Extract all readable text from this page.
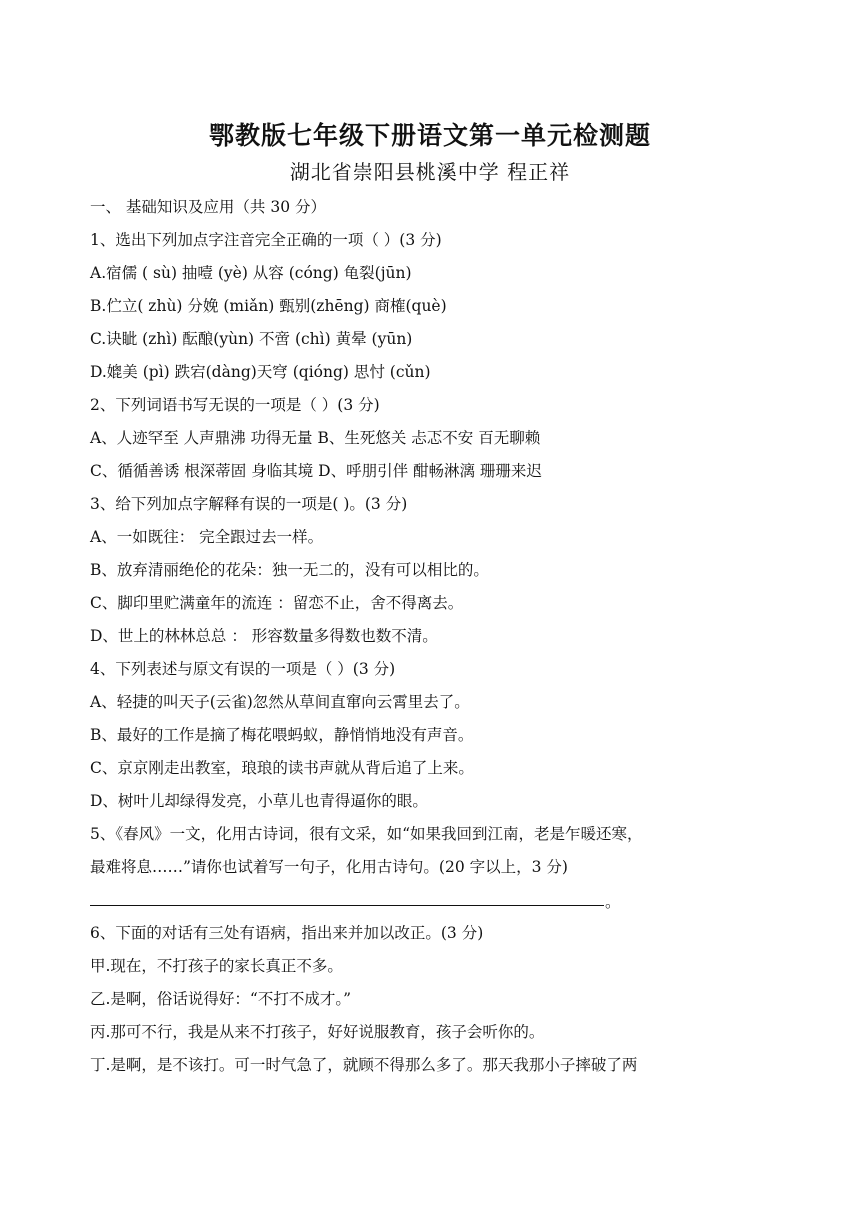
鄂教版七年级下册语文第一单元检测题
湖北省崇阳县桃溪中学 程正祥
一、 基础知识及应用（共 30 分）
1、选出下列加点字注音完全正确的一项（ ）(3 分)
A.宿儒 ( sù) 抽噎 (yè) 从容 (cóng) 龟裂(jūn)
B.伫立( zhù) 分娩 (miǎn) 甄别(zhēng) 商榷(què)
C.诀眦 (zhì) 酝酿(yùn) 不啻 (chì) 黄晕 (yūn)
D.媲美 (pì) 跌宕(dàng)天穹 (qióng) 思忖 (cǔn)
2、下列词语书写无误的一项是（ ）(3 分)
A、人迹罕至 人声鼎沸 功得无量 B、生死悠关 忐忑不安 百无聊赖
C、循循善诱 根深蒂固 身临其境 D、呼朋引伴 酣畅淋漓 珊珊来迟
3、给下列加点字解释有误的一项是( )。(3 分)
A、一如既往： 完全跟过去一样。
B、放弃清丽绝伦的花朵：独一无二的，没有可以相比的。
C、脚印里贮满童年的流连 ：留恋不止，舍不得离去。
D、世上的林林总总 ： 形容数量多得数也数不清。
4、下列表述与原文有误的一项是（ ）(3 分)
A、轻捷的叫天子(云雀)忽然从草间直窜向云霄里去了。
B、最好的工作是摘了梅花喂蚂蚁，静悄悄地没有声音。
C、京京刚走出教室，琅琅的读书声就从背后追了上来。
D、树叶儿却绿得发亮，小草儿也青得逼你的眼。
5、《春风》一文，化用古诗词，很有文采，如“如果我回到江南，老是乍暖还寒，
最难将息……”请你也试着写一句子，化用古诗句。(20 字以上，3 分)
。
6、下面的对话有三处有语病，指出来并加以改正。(3 分)
甲.现在，不打孩子的家长真正不多。
乙.是啊，俗话说得好：“不打不成才。”
丙.那可不行，我是从来不打孩子，好好说服教育，孩子会听你的。
丁.是啊，是不该打。可一时气急了，就顾不得那么多了。那天我那小子摔破了两
